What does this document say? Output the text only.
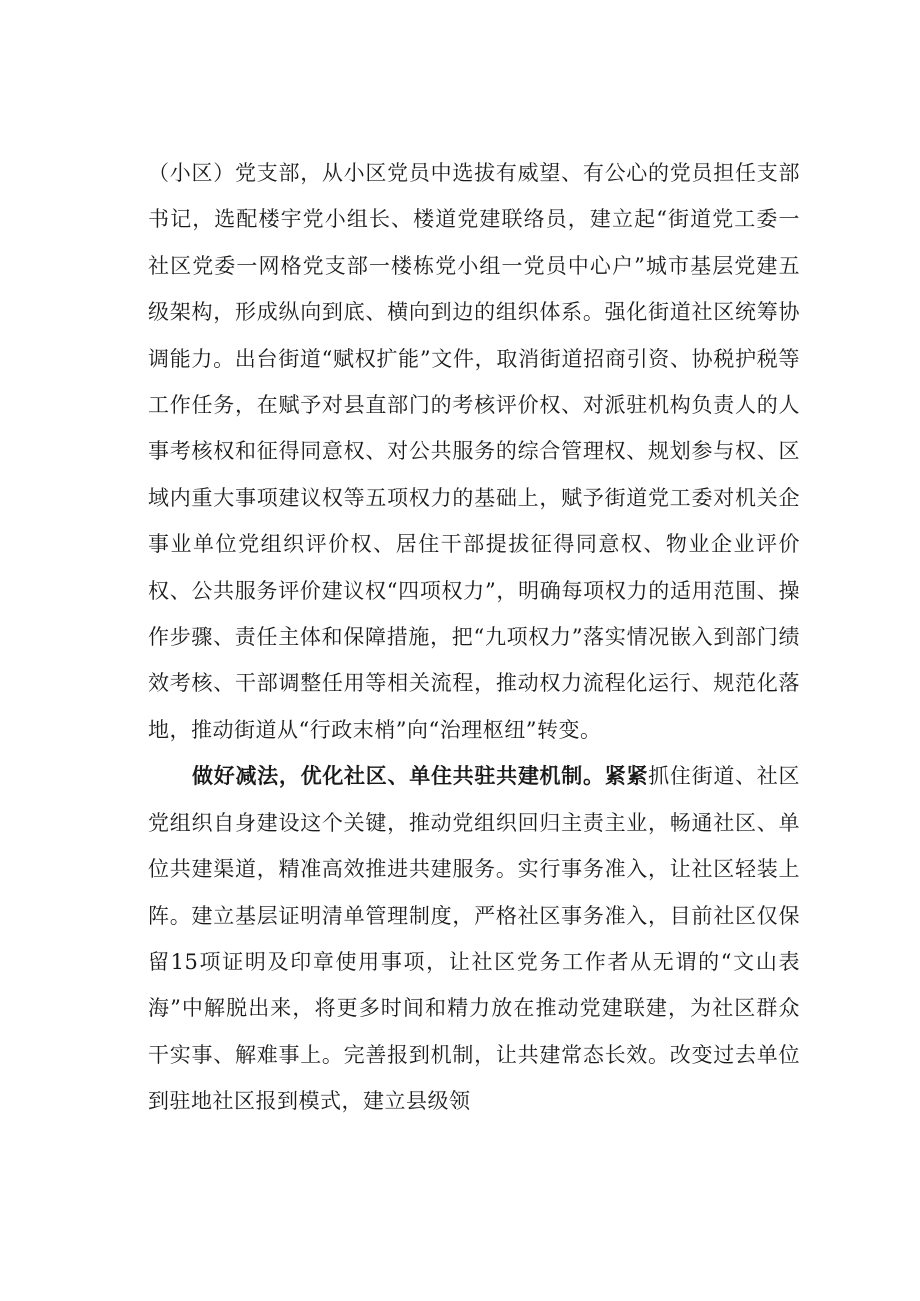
（小区）党支部，从小区党员中选拔有威望、有公心的党员担任支部书记，选配楼宇党小组长、楼道党建联络员，建立起“街道党工委一社区党委一网格党支部一楼栋党小组一党员中心户”城市基层党建五级架构，形成纵向到底、横向到边的组织体系。强化街道社区统筹协调能力。出台街道“赋权扩能”文件，取消街道招商引资、协税护税等工作任务，在赋予对县直部门的考核评价权、对派驻机构负责人的人事考核权和征得同意权、对公共服务的综合管理权、规划参与权、区域内重大事项建议权等五项权力的基础上，赋予街道党工委对机关企事业单位党组织评价权、居住干部提拔征得同意权、物业企业评价权、公共服务评价建议权“四项权力”，明确每项权力的适用范围、操作步骤、责任主体和保障措施，把“九项权力”落实情况嵌入到部门绩效考核、干部调整任用等相关流程，推动权力流程化运行、规范化落地，推动街道从“行政末梢”向“治理枢纽”转变。

做好减法，优化社区、单住共驻共建机制。紧紧抓住街道、社区党组织自身建设这个关键，推动党组织回归主责主业，畅通社区、单位共建渠道，精准高效推进共建服务。实行事务准入，让社区轻装上阵。建立基层证明清单管理制度，严格社区事务准入，目前社区仅保留15项证明及印章使用事项，让社区党务工作者从无谓的“文山表海”中解脱出来，将更多时间和精力放在推动党建联建，为社区群众干实事、解难事上。完善报到机制，让共建常态长效。改变过去单位到驻地社区报到模式，建立县级领
